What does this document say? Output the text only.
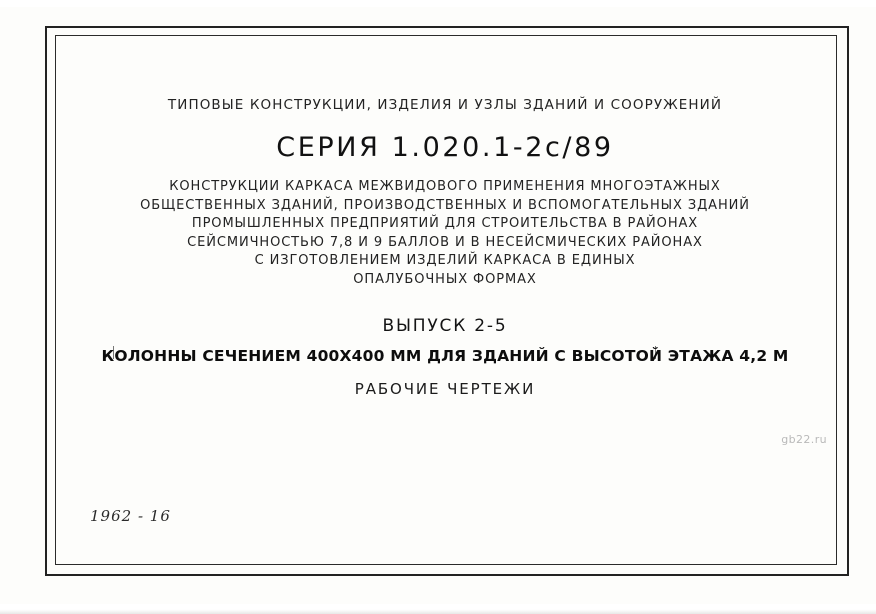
ТИПОВЫЕ КОНСТРУКЦИИ, ИЗДЕЛИЯ И УЗЛЫ ЗДАНИЙ И СООРУЖЕНИЙ
СЕРИЯ 1.020.1-2с/89
КОНСТРУКЦИИ КАРКАСА МЕЖВИДОВОГО ПРИМЕНЕНИЯ МНОГОЭТАЖНЫХ
ОБЩЕСТВЕННЫХ ЗДАНИЙ, ПРОИЗВОДСТВЕННЫХ И ВСПОМОГАТЕЛЬНЫХ ЗДАНИЙ
ПРОМЫШЛЕННЫХ ПРЕДПРИЯТИЙ ДЛЯ СТРОИТЕЛЬСТВА В РАЙОНАХ
СЕЙСМИЧНОСТЬЮ 7,8 И 9 БАЛЛОВ И В НЕСЕЙСМИЧЕСКИХ РАЙОНАХ
С ИЗГОТОВЛЕНИЕМ ИЗДЕЛИЙ КАРКАСА В ЕДИНЫХ
ОПАЛУБОЧНЫХ ФОРМАХ
ВЫПУСК 2-5
КОЛОННЫ СЕЧЕНИЕМ 400Х400 ММ ДЛЯ ЗДАНИЙ С ВЫСОТОЙ ЭТАЖА 4,2 М
РАБОЧИЕ ЧЕРТЕЖИ
1962 - 16
gb22.ru
